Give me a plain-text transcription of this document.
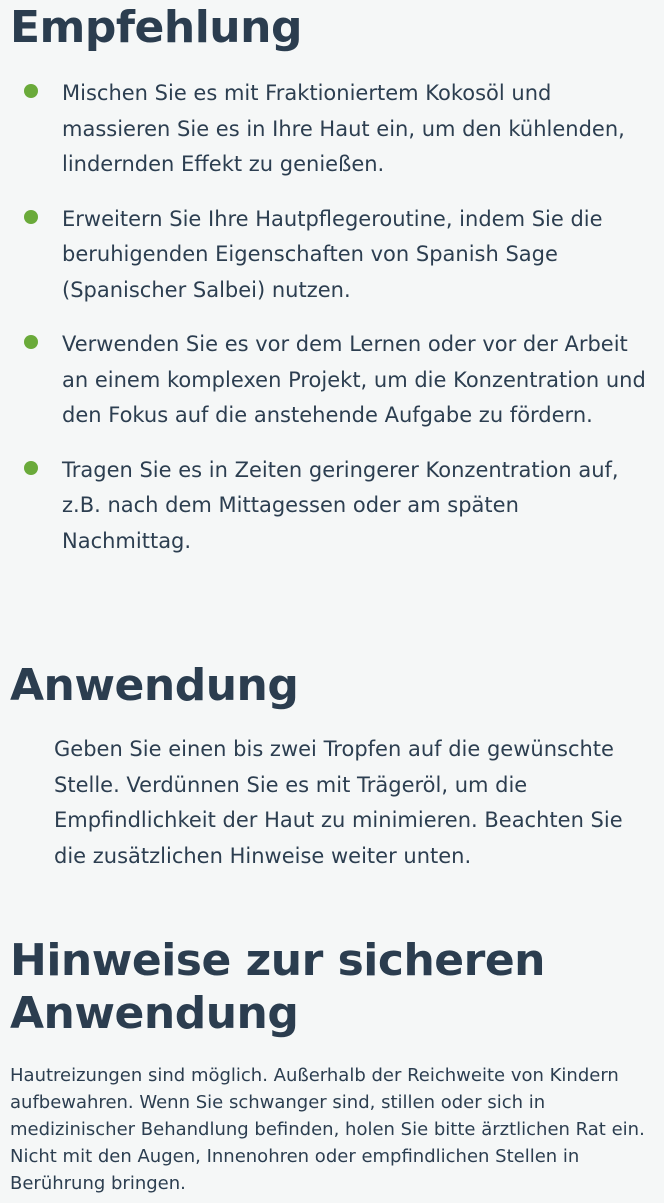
Empfehlung
Mischen Sie es mit Fraktioniertem Kokosöl und massieren Sie es in Ihre Haut ein, um den kühlenden, lindernden Effekt zu genießen.
Erweitern Sie Ihre Hautpflegeroutine, indem Sie die beruhigenden Eigenschaften von Spanish Sage (Spanischer Salbei) nutzen.
Verwenden Sie es vor dem Lernen oder vor der Arbeit an einem komplexen Projekt, um die Konzentration und den Fokus auf die anstehende Aufgabe zu fördern.
Tragen Sie es in Zeiten geringerer Konzentration auf, z.B. nach dem Mittagessen oder am späten Nachmittag.
Anwendung

Geben Sie einen bis zwei Tropfen auf die gewünschte Stelle. Verdünnen Sie es mit Trägeröl, um die Empfindlichkeit der Haut zu minimieren. Beachten Sie die zusätzlichen Hinweise weiter unten.

Hinweise zur sicheren Anwendung

Hautreizungen sind möglich. Außerhalb der Reichweite von Kindern aufbewahren. Wenn Sie schwanger sind, stillen oder sich in medizinischer Behandlung befinden, holen Sie bitte ärztlichen Rat ein. Nicht mit den Augen, Innenohren oder empfindlichen Stellen in Berührung bringen.
